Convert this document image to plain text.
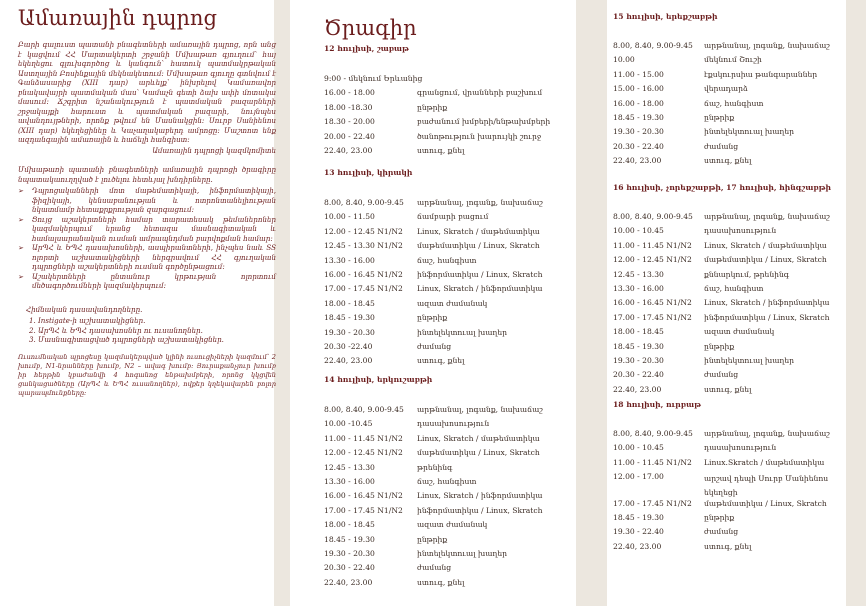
Ամառային դպրոց
Բարի գալուստ պատանի բնագետների ամառային դպրոց, որն անց է կացվում ՀՀ Մարտակերտի շրջանի Մմխաթառ գյուղում՝ հայ եկեղեցու գլուխգործոց և կանգուն՝ հատուկ պատմակրթական Աստղային Բոսինքային մեկնակետում։ Մմխաթառ գյուղը գտնվում է Գանձասարից (XIII դար) արևելք՝ ինխրելով Կամառավոր բնակավայրի պատմական մաս՝ Կամաչն գետի ձախ ափի մոտակա մասում։ Ճշգրիտ նշանակություն է պատմական բազարների շրջակայքի հարուստ և պատմական բազարի, նույնպես ավանդույթների, որոնք թվում են Մասնակցին։ Սուրբ Սանիենոս (XIII դար) եկեղեցինեը և Կաչաղակաբերդ ամրոցը։ Մաշտոտ ենք ազդանգային ամառային և հաճելի հանգիստ։
Ամառային դպրոցի կազմկոմիտե
Մմխաթառի պատանի բնագետների ամառային դպրոցի ծրագիրը նպատակաուղղված է լուծելու հետևյալ խնդիրները.
➢ Դպրոցականների մոտ մաթեմատիկայի, ինֆորմատիկայի, ֆիզիկայի, կենսաբանության և ոտրոնտանելիության նկատմամբ հետաքրքրության զարգացում։
➢ Ցույց աշակերտների համար տարատեսակ թեմաներոներ կազմակերպում երանց հետազա մասնագիտական և համալսարանական ուսման ամրապնդման բարվոքման համար։
➢ ԱրՊՀ և ԵՊՀ դասախոսների, ասպիրանտների, ինչպես նաև SS ոլորտի աշխատակիցների ներգրավում ՀՀ գյուղական դպրոցների աշակերտների ուսման գործընթացում։
➢ Աշակերտների ընտանուր կրթության ոլորտում մեծագործումների կազմակերպում։
Հիմնական դասավանդողները.
1. Instigate-ի աշխատակիցներ.
2. ԱրՊՀ և ԵՊՀ դասախոսներ ու ուսանողներ.
3. Մասնագիտացված դպրոցների աշխատակիցներ.
Ուսումնական պրոցեսը կազմակերպված կլինի ուսուցիչների կազմում՝ 2 խումբ, N1-նրանները խումբ, N2 – ավագ խումբ։ Յուրաքանչյուր խումբ իր հերթին կբաժանվի 4 հոգանոց ենթախմբերի, որոնց կկցվեն ցանկացածները (ԱրՊՀ և ԵՊՀ ուսանողներ), ովքեր կղեկավարեն բոլոր պարապմունքները։
Ծրագիր
12 հուլիսի, շաբաթ
9:00 - մեկնում Երևանից
16.00 - 18.00	գրանցում, վրանների բաշխում
18.00 -18.30	ընթրիք
18.30 - 20.00	բաժանում խմբերի/ենթախմբերի
20.00 - 22.40	ծանոթություն խարույկի շուրջ
22.40, 23.00	ստուգ, քնել
13 հուլիսի, կիրակի
8.00, 8.40, 9.00-9.45 արթնանալ, լոգանք, նախաճաշ
10.00 - 11.50	ճամբարի բացում
12.00 - 12.45 N1/N2 Linux, Skratch / մաթեմատիկա
12.45 - 13.30 N1/N2 մաթեմատիկա / Linux, Skratch
13.30 - 16.00	ճաշ, հանգիստ
16.00 - 16.45 N1/N2 ինֆորմատիկա / Linux, Skratch
17.00 - 17.45 N1/N2 Linux, Skratch / ինֆորմատիկա
18.00 - 18.45	ազատ ժամանակ
18.45 - 19.30	ընթրիք
19.30 - 20.30	ինտելեկտուալ խաղեր
20.30 -22.40	ժամանց
22.40, 23.00	ստուգ, քնել
14 հուլիսի, երկուշաբթի
8.00, 8.40, 9.00-9.45 արթնանալ, լոգանք, նախաճաշ
10.00 -10.45	դասախոսություն
11.00 - 11.45 N1/N2 Linux, Skratch / մաթեմատիկա
12.00 - 12.45 N1/N2 մաթեմատիկա / Linux, Skratch
12.45 - 13.30	թրենինգ
13.30 - 16.00	ճաշ, հանգիստ
16.00 - 16.45 N1/N2 Linux, Skratch / ինֆորմատիկա
17.00 - 17.45 N1/N2 ինֆորմատիկա / Linux, Skratch
18.00 - 18.45	ազատ ժամանակ
18.45 - 19.30	ընթրիք
19.30 - 20.30	ինտելեկտուալ խաղեր
20.30 - 22.40	ժամանց
22.40, 23.00	ստուգ, քնել
15 հուլիսի, երեքշաբթի
8.00, 8.40, 9.00-9.45 արթնանալ, լոգանք, նախաճաշ
10.00	մեկնում Շուշի
11.00 - 15.00	էքսկուրսիա թանգարաններ
15.00 - 16.00	վերադարձ
16.00 - 18.00	ճաշ, հանգիստ
18.45 - 19.30	ընթրիք
19.30 - 20.30	ինտելեկտուալ խաղեր
20.30 - 22.40	ժամանց
22.40, 23.00	ստուգ, քնել
16 հուլիսի, չորեքշաբթի, 17 հուլիսի, հինգշաբթի
8.00, 8.40, 9.00-9.45 արթնանալ, լոգանք, նախաճաշ
10.00 - 10.45	դասախոսություն
11.00 - 11.45 N1/N2 Linux, Skratch / մաթեմատիկա
12.00 - 12.45 N1/N2 մաթեմատիկա / Linux, Skratch
12.45 - 13.30	քննարկում, թրենինգ
13.30 - 16.00	ճաշ, հանգիստ
16.00 - 16.45 N1/N2 Linux, Skratch / ինֆորմատիկա
17.00 - 17.45 N1/N2 ինֆորմատիկա / Linux, Skratch
18.00 - 18.45	ազատ ժամանակ
18.45 - 19.30	ընթրիք
19.30 - 20.30	ինտելեկտուալ խաղեր
20.30 - 22.40	ժամանց
22.40, 23.00	ստուգ, քնել
18 հուլիսի, ուրբաթ
8.00, 8.40, 9.00-9.45 արթնանալ, լոգանք, նախաճաշ
10.00 - 10.45	դասախոսություն
11.00 - 11.45 N1/N2 Linux.Skratch / մաթեմատիկա
12.00 - 17.00	արշավ դեպի Սուրբ Մանիենոս եկեղեցի
17.00 - 17.45 N1/N2 մաթեմատիկա / Linux, Skratch
18.45 - 19.30	ընթրիք
19.30 - 22.40	ժամանց
22.40, 23.00	ստուգ, քնել
